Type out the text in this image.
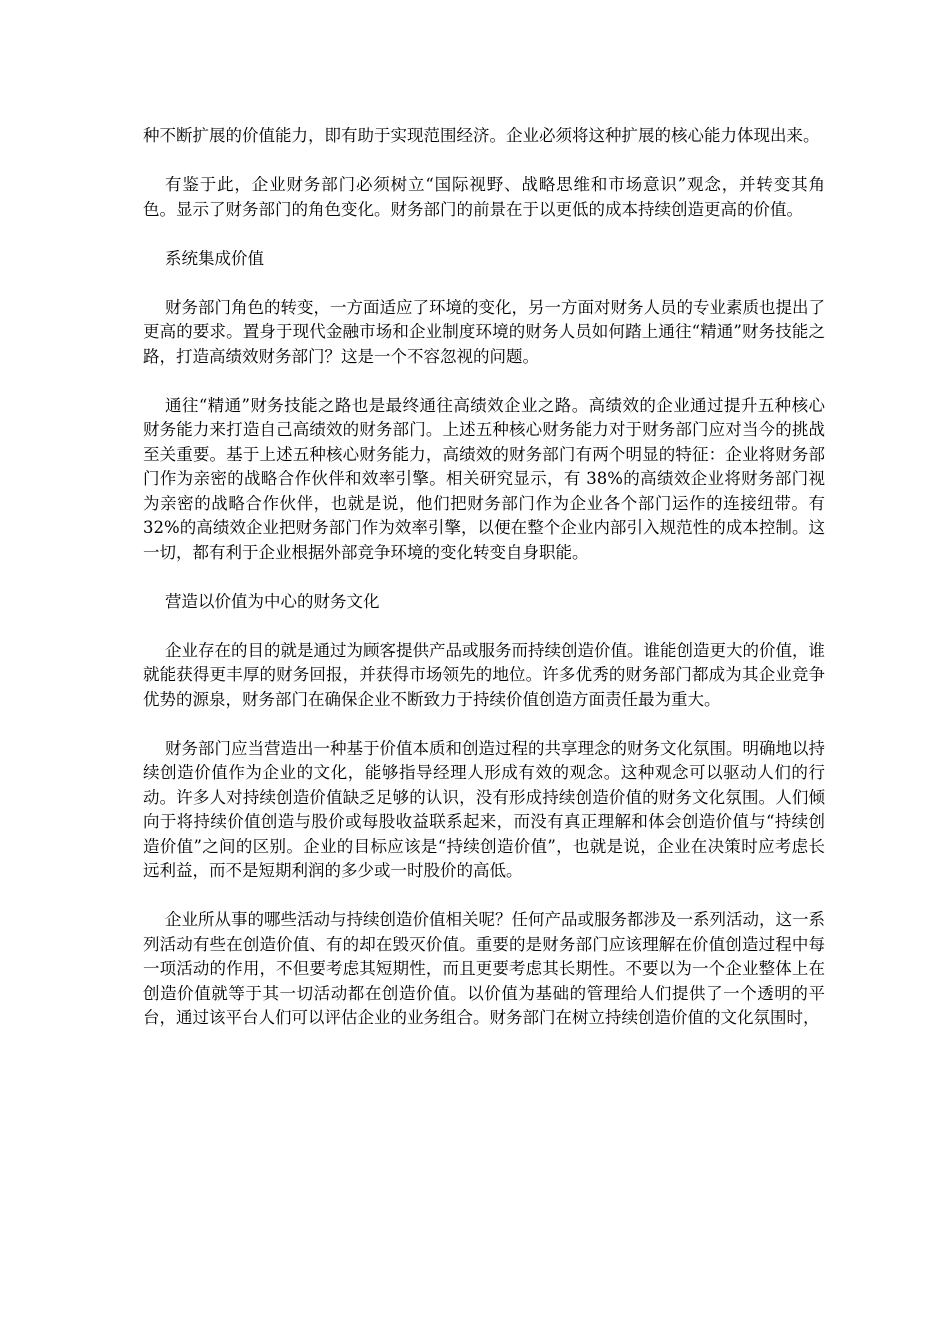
种不断扩展的价值能力，即有助于实现范围经济。企业必须将这种扩展的核心能力体现出来。

有鉴于此，企业财务部门必须树立“国际视野、战略思维和市场意识”观念，并转变其角色。显示了财务部门的角色变化。财务部门的前景在于以更低的成本持续创造更高的价值。

系统集成价值

财务部门角色的转变，一方面适应了环境的变化，另一方面对财务人员的专业素质也提出了更高的要求。置身于现代金融市场和企业制度环境的财务人员如何踏上通往“精通”财务技能之路，打造高绩效财务部门？这是一个不容忽视的问题。

通往“精通”财务技能之路也是最终通往高绩效企业之路。高绩效的企业通过提升五种核心财务能力来打造自己高绩效的财务部门。上述五种核心财务能力对于财务部门应对当今的挑战至关重要。基于上述五种核心财务能力，高绩效的财务部门有两个明显的特征：企业将财务部门作为亲密的战略合作伙伴和效率引擎。相关研究显示，有 38%的高绩效企业将财务部门视为亲密的战略合作伙伴，也就是说，他们把财务部门作为企业各个部门运作的连接纽带。有 32%的高绩效企业把财务部门作为效率引擎，以便在整个企业内部引入规范性的成本控制。这一切，都有利于企业根据外部竞争环境的变化转变自身职能。

营造以价值为中心的财务文化

企业存在的目的就是通过为顾客提供产品或服务而持续创造价值。谁能创造更大的价值，谁就能获得更丰厚的财务回报，并获得市场领先的地位。许多优秀的财务部门都成为其企业竞争优势的源泉，财务部门在确保企业不断致力于持续价值创造方面责任最为重大。

财务部门应当营造出一种基于价值本质和创造过程的共享理念的财务文化氛围。明确地以持续创造价值作为企业的文化，能够指导经理人形成有效的观念。这种观念可以驱动人们的行动。许多人对持续创造价值缺乏足够的认识，没有形成持续创造价值的财务文化氛围。人们倾向于将持续价值创造与股价或每股收益联系起来，而没有真正理解和体会创造价值与“持续创造价值”之间的区别。企业的目标应该是“持续创造价值”，也就是说，企业在决策时应考虑长远利益，而不是短期利润的多少或一时股价的高低。

企业所从事的哪些活动与持续创造价值相关呢？任何产品或服务都涉及一系列活动，这一系列活动有些在创造价值、有的却在毁灭价值。重要的是财务部门应该理解在价值创造过程中每一项活动的作用，不但要考虑其短期性，而且更要考虑其长期性。不要以为一个企业整体上在创造价值就等于其一切活动都在创造价值。以价值为基础的管理给人们提供了一个透明的平台，通过该平台人们可以评估企业的业务组合。财务部门在树立持续创造价值的文化氛围时，
